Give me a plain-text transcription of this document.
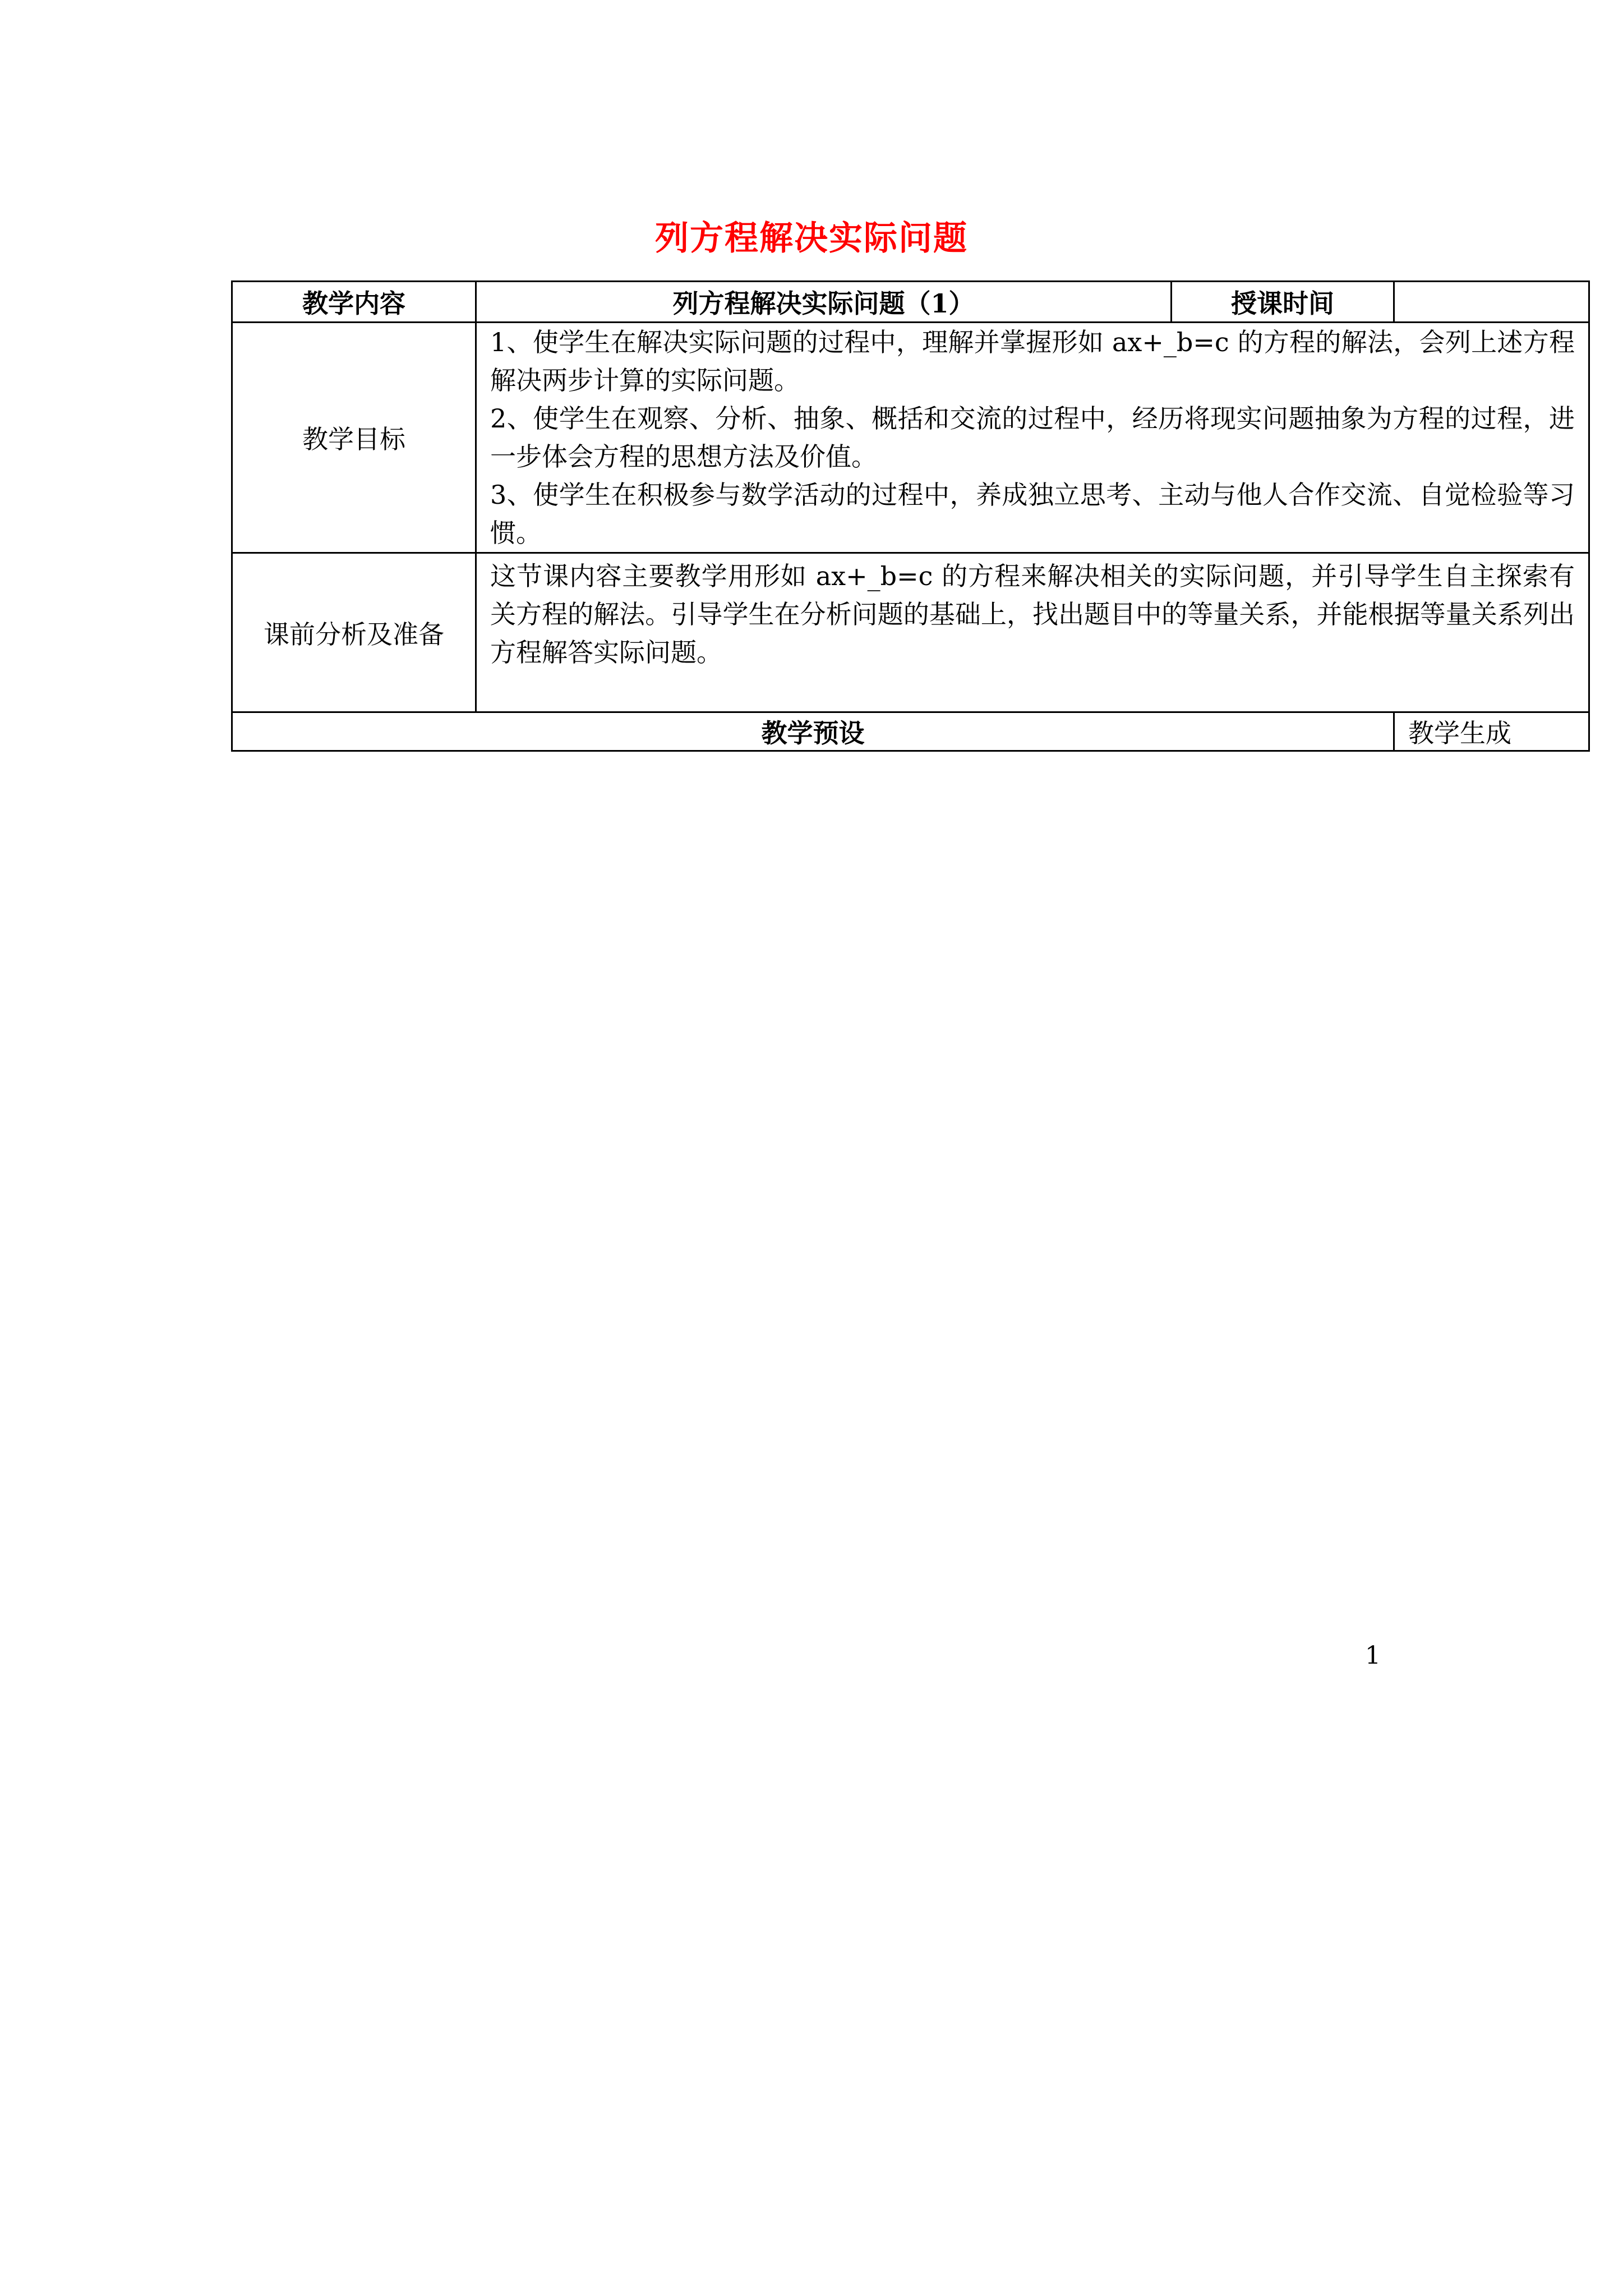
列方程解决实际问题
教学内容	列方程解决实际问题（1）	授课时间	
教学目标	1、使学生在解决实际问题的过程中，理解并掌握形如 ax+_b=c 的方程的解法，会列上述方程解决两步计算的实际问题。
2、使学生在观察、分析、抽象、概括和交流的过程中，经历将现实问题抽象为方程的过程，进一步体会方程的思想方法及价值。
3、使学生在积极参与数学活动的过程中，养成独立思考、主动与他人合作交流、自觉检验等习惯。		

课前分析及准备	这节课内容主要教学用形如 ax+_b=c 的方程来解决相关的实际问题，并引导学生自主探索有关方程的解法。引导学生在分析问题的基础上，找出题目中的等量关系，并能根据等量关系列出方程解答实际问题。		

教学预设			教学生成
1
